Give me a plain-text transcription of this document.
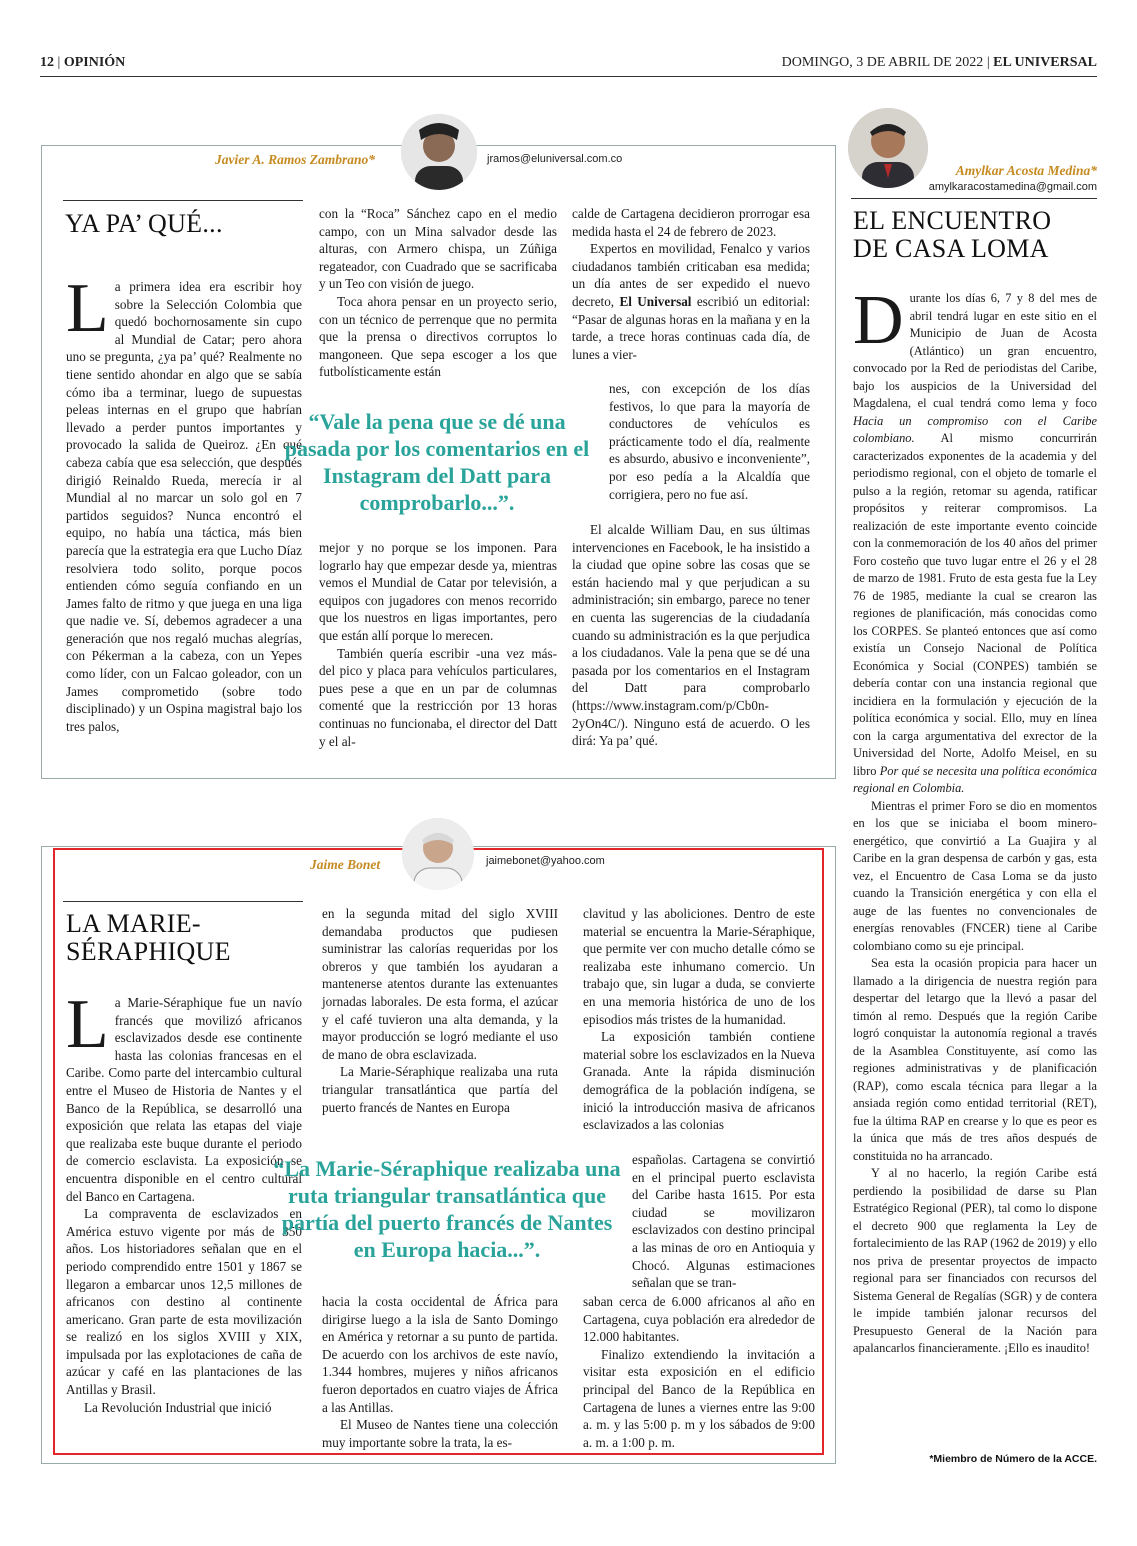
12 | OPINIÓN	DOMINGO, 3 DE ABRIL DE 2022 | EL UNIVERSAL
Javier A. Ramos Zambrano*	jramos@eluniversal.com.co
YA PA’ QUÉ...
La primera idea era escribir hoy sobre la Selección Colombia que quedó bochornosamente sin cupo al Mundial de Catar; pero ahora uno se pregunta, ¿ya pa’ qué? Realmente no tiene sentido ahondar en algo que se sabía cómo iba a terminar, luego de supuestas peleas internas en el grupo que habrían llevado a perder puntos importantes y provocado la salida de Queiroz. ¿En qué cabeza cabía que esa selección, que después dirigió Reinaldo Rueda, merecía ir al Mundial al no marcar un solo gol en 7 partidos seguidos? Nunca encontró el equipo, no había una táctica, más bien parecía que la estrategia era que Lucho Díaz resolviera todo solito, porque pocos entienden cómo seguía confiando en un James falto de ritmo y que juega en una liga que nadie ve. Sí, debemos agradecer a una generación que nos regaló muchas alegrías, con Pékerman a la cabeza, con un Yepes como líder, con un Falcao goleador, con un James comprometido (sobre todo disciplinado) y un Ospina magistral bajo los tres palos,

con la “Roca” Sánchez capo en el medio campo, con un Mina salvador desde las alturas, con Armero chispa, un Zúñiga regateador, con Cuadrado que se sacrificaba y un Teo con visión de juego.

Toca ahora pensar en un proyecto serio, con un técnico de perrenque que no permita que la prensa o directivos corruptos lo mangoneen. Que sepa escoger a los que futbolísticamente están

mejor y no porque se los imponen. Para lograrlo hay que empezar desde ya, mientras vemos el Mundial de Catar por televisión, a equipos con jugadores con menos recorrido que los nuestros en ligas importantes, pero que están allí porque lo merecen.

También quería escribir -una vez más- del pico y placa para vehículos particulares, pues pese a que en un par de columnas comenté que la restricción por 13 horas continuas no funcionaba, el director del Datt y el al-

calde de Cartagena decidieron prorrogar esa medida hasta el 24 de febrero de 2023.

Expertos en movilidad, Fenalco y varios ciudadanos también criticaban esa medida; un día antes de ser expedido el nuevo decreto, El Universal escribió un editorial: “Pasar de algunas horas en la mañana y en la tarde, a trece horas continuas cada día, de lunes a vier-

nes, con excepción de los días festivos, lo que para la mayoría de conductores de vehículos es prácticamente todo el día, realmente es absurdo, abusivo e inconveniente”, por eso pedía a la Alcaldía que corrigiera, pero no fue así.

El alcalde William Dau, en sus últimas intervenciones en Facebook, le ha insistido a la ciudad que opine sobre las cosas que se están haciendo mal y que perjudican a su administración; sin embargo, parece no tener en cuenta las sugerencias de la ciudadanía cuando su administración es la que perjudica a los ciudadanos. Vale la pena que se dé una pasada por los comentarios en el Instagram del Datt para comprobarlo (https://www.instagram.com/p/Cb0n-2yOn4C/). Ninguno está de acuerdo. O les dirá: Ya pa’ qué.

“Vale la pena que se dé una pasada por los comentarios en el Instagram del Datt para comprobarlo...”.
Jaime Bonet	jaimebonet@yahoo.com
LA MARIE-
SÉRAPHIQUE

La Marie-Séraphique fue un navío francés que movilizó africanos esclavizados desde ese continente hasta las colonias francesas en el Caribe. Como parte del intercambio cultural entre el Museo de Historia de Nantes y el Banco de la República, se desarrolló una exposición que relata las etapas del viaje que realizaba este buque durante el periodo de comercio esclavista. La exposición se encuentra disponible en el centro cultural del Banco en Cartagena.

La compraventa de esclavizados en América estuvo vigente por más de 350 años. Los historiadores señalan que en el periodo comprendido entre 1501 y 1867 se llegaron a embarcar unos 12,5 millones de africanos con destino al continente americano. Gran parte de esta movilización se realizó en los siglos XVIII y XIX, impulsada por las explotaciones de caña de azúcar y café en las plantaciones de las Antillas y Brasil.

La Revolución Industrial que inició

en la segunda mitad del siglo XVIII demandaba productos que pudiesen suministrar las calorías requeridas por los obreros y que también los ayudaran a mantenerse atentos durante las extenuantes jornadas laborales. De esta forma, el azúcar y el café tuvieron una alta demanda, y la mayor producción se logró mediante el uso de mano de obra esclavizada.

La Marie-Séraphique realizaba una ruta triangular transatlántica que partía del puerto francés de Nantes en Europa

hacia la costa occidental de África para dirigirse luego a la isla de Santo Domingo en América y retornar a su punto de partida. De acuerdo con los archivos de este navío, 1.344 hombres, mujeres y niños africanos fueron deportados en cuatro viajes de África a las Antillas.

El Museo de Nantes tiene una colección muy importante sobre la trata, la es-

clavitud y las aboliciones. Dentro de este material se encuentra la Marie-Séraphique, que permite ver con mucho detalle cómo se realizaba este inhumano comercio. Un trabajo que, sin lugar a duda, se convierte en una memoria histórica de uno de los episodios más tristes de la humanidad.

La exposición también contiene material sobre los esclavizados en la Nueva Granada. Ante la rápida disminución demográfica de la población indígena, se inició la introducción masiva de africanos esclavizados a las colonias

españolas. Cartagena se convirtió en el principal puerto esclavista del Caribe hasta 1615. Por esta ciudad se movilizaron esclavizados con destino principal a las minas de oro en Antioquia y Chocó. Algunas estimaciones señalan que se tran-

saban cerca de 6.000 africanos al año en Cartagena, cuya población era alrededor de 12.000 habitantes.

Finalizo extendiendo la invitación a visitar esta exposición en el edificio principal del Banco de la República en Cartagena de lunes a viernes entre las 9:00 a. m. y las 5:00 p. m y los sábados de 9:00 a. m. a 1:00 p. m.

“La Marie-Séraphique realizaba una ruta triangular transatlántica que partía del puerto francés de Nantes en Europa hacia...”.
Amylkar Acosta Medina*
amylkaracostamedina@gmail.com
EL ENCUENTRO
DE CASA LOMA

Durante los días 6, 7 y 8 del mes de abril tendrá lugar en este sitio en el Municipio de Juan de Acosta (Atlántico) un gran encuentro, convocado por la Red de periodistas del Caribe, bajo los auspicios de la Universidad del Magdalena, el cual tendrá como lema y foco Hacia un compromiso con el Caribe colombiano. Al mismo concurrirán caracterizados exponentes de la academia y del periodismo regional, con el objeto de tomarle el pulso a la región, retomar su agenda, ratificar propósitos y reiterar compromisos. La realización de este importante evento coincide con la conmemoración de los 40 años del primer Foro costeño que tuvo lugar entre el 26 y el 28 de marzo de 1981. Fruto de esta gesta fue la Ley 76 de 1985, mediante la cual se crearon las regiones de planificación, más conocidas como los CORPES. Se planteó entonces que así como existía un Consejo Nacional de Política Económica y Social (CONPES) también se debería contar con una instancia regional que incidiera en la formulación y ejecución de la política económica y social. Ello, muy en línea con la carga argumentativa del exrector de la Universidad del Norte, Adolfo Meisel, en su libro Por qué se necesita una política económica regional en Colombia.

Mientras el primer Foro se dio en momentos en los que se iniciaba el boom minero-energético, que convirtió a La Guajira y al Caribe en la gran despensa de carbón y gas, esta vez, el Encuentro de Casa Loma se da justo cuando la Transición energética y con ella el auge de las fuentes no convencionales de energías renovables (FNCER) tiene al Caribe colombiano como su eje principal.

Sea esta la ocasión propicia para hacer un llamado a la dirigencia de nuestra región para despertar del letargo que la llevó a pasar del timón al remo. Después que la región Caribe logró conquistar la autonomía regional a través de la Asamblea Constituyente, así como las regiones administrativas y de planificación (RAP), como escala técnica para llegar a la ansiada región como entidad territorial (RET), fue la última RAP en crearse y lo que es peor es la única que más de tres años después de constituida no ha arrancado.

Y al no hacerlo, la región Caribe está perdiendo la posibilidad de darse su Plan Estratégico Regional (PER), tal como lo dispone el decreto 900 que reglamenta la Ley de fortalecimiento de las RAP (1962 de 2019) y ello nos priva de presentar proyectos de impacto regional para ser financiados con recursos del Sistema General de Regalías (SGR) y de contera le impide también jalonar recursos del Presupuesto General de la Nación para apalancarlos financieramente. ¡Ello es inaudito!

*Miembro de Número de la ACCE.
